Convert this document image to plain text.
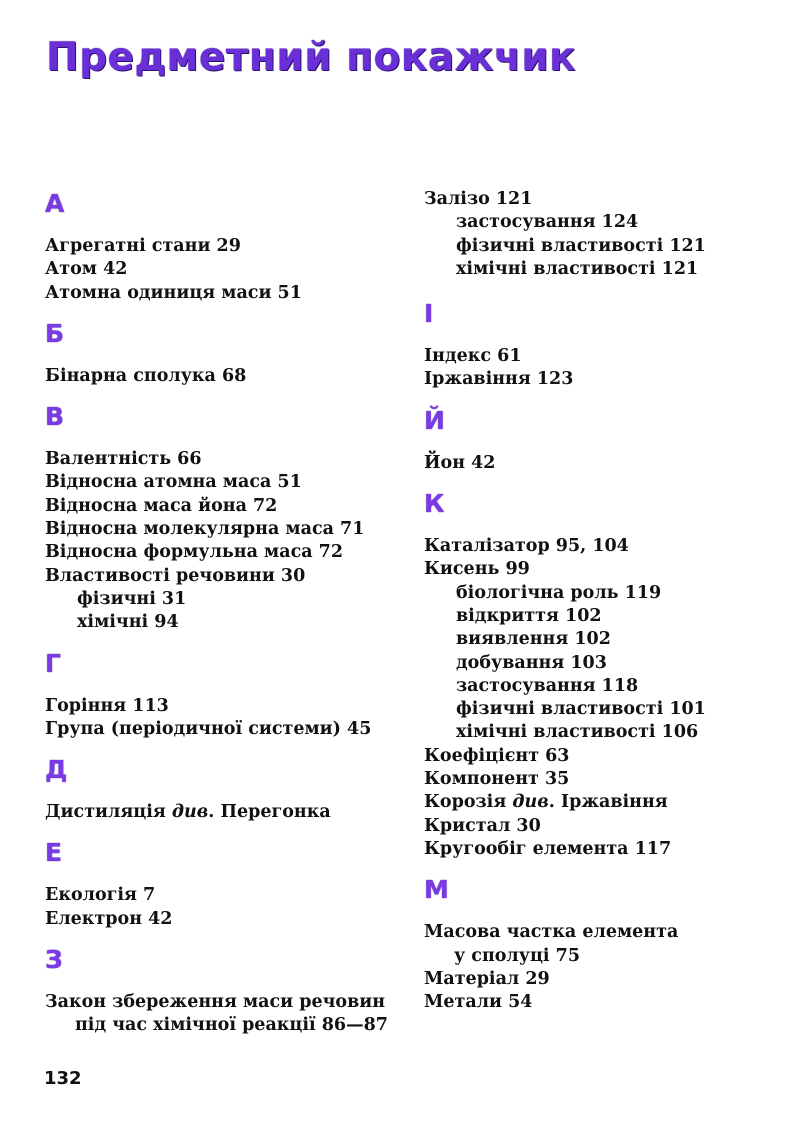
Предметний покажчик
А
Агрегатні стани 29
Атом 42
Атомна одиниця маси 51
Б
Бінарна сполука 68
В
Валентність 66
Відносна атомна маса 51
Відносна маса йона 72
Відносна молекулярна маса 71
Відносна формульна маса 72
Властивості речовини 30
фізичні 31
хімічні 94
Г
Горіння 113
Група (періодичної системи) 45
Д
Дистиляція див. Перегонка
Е
Екологія 7
Електрон 42
З
Закон збереження маси речовин
під час хімічної реакції 86—87
Залізо 121
застосування 124
фізичні властивості 121
хімічні властивості 121
І
Індекс 61
Іржавіння 123
Й
Йон 42
К
Каталізатор 95, 104
Кисень 99
біологічна роль 119
відкриття 102
виявлення 102
добування 103
застосування 118
фізичні властивості 101
хімічні властивості 106
Коефіцієнт 63
Компонент 35
Корозія див. Іржавіння
Кристал 30
Кругообіг елемента 117
М
Масова частка елемента
у сполуці 75
Матеріал 29
Метали 54
132
